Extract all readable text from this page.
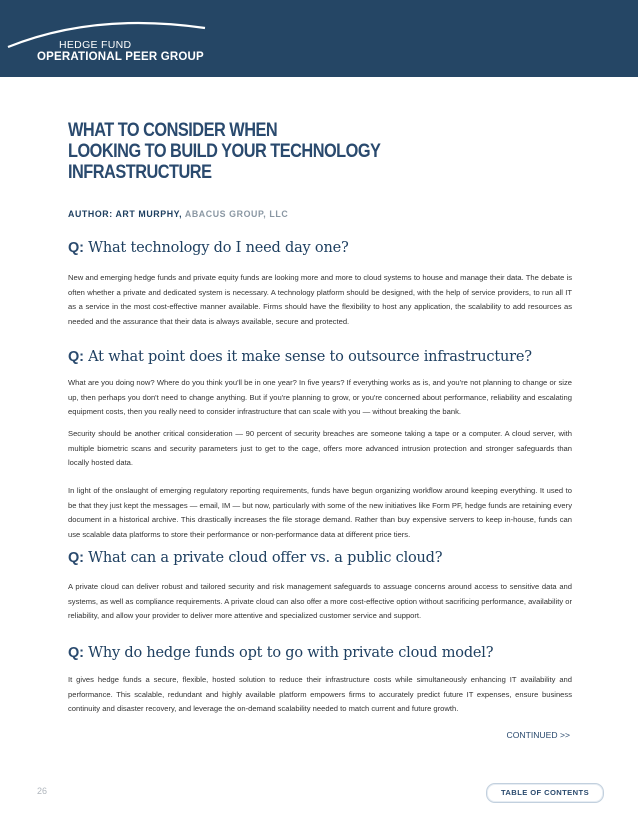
HEDGE FUND
OPERATIONAL PEER GROUP
WHAT TO CONSIDER WHEN
LOOKING TO BUILD YOUR TECHNOLOGY
INFRASTRUCTURE
AUTHOR: ART MURPHY, ABACUS GROUP, LLC
Q: What technology do I need day one?

New and emerging hedge funds and private equity funds are looking more and more to cloud systems to house and manage their data. The debate is often whether a private and dedicated system is necessary. A technology platform should be designed, with the help of service providers, to run all IT as a service in the most cost-effective manner available. Firms should have the flexibility to host any application, the scalability to add resources as needed and the assurance that their data is always available, secure and protected.

Q: At what point does it make sense to outsource infrastructure?

What are you doing now? Where do you think you'll be in one year? In five years? If everything works as is, and you're not planning to change or size up, then perhaps you don't need to change anything. But if you're planning to grow, or you're concerned about performance, reliability and escalating equipment costs, then you really need to consider infrastructure that can scale with you — without breaking the bank.

Security should be another critical consideration — 90 percent of security breaches are someone taking a tape or a computer. A cloud server, with multiple biometric scans and security parameters just to get to the cage, offers more advanced intrusion protection and stronger safeguards than locally hosted data.

In light of the onslaught of emerging regulatory reporting requirements, funds have begun organizing workflow around keeping everything. It used to be that they just kept the messages — email, IM — but now, particularly with some of the new initiatives like Form PF, hedge funds are retaining every document in a historical archive. This drastically increases the file storage demand. Rather than buy expensive servers to keep in-house, funds can use scalable data platforms to store their performance or non-performance data at different price tiers.

Q: What can a private cloud offer vs. a public cloud?

A private cloud can deliver robust and tailored security and risk management safeguards to assuage concerns around access to sensitive data and systems, as well as compliance requirements. A private cloud can also offer a more cost-effective option without sacrificing performance, availability or reliability, and allow your provider to deliver more attentive and specialized customer service and support.

Q: Why do hedge funds opt to go with private cloud model?

It gives hedge funds a secure, flexible, hosted solution to reduce their infrastructure costs while simultaneously enhancing IT availability and performance. This scalable, redundant and highly available platform empowers firms to accurately predict future IT expenses, ensure business continuity and disaster recovery, and leverage the on-demand scalability needed to match current and future growth.

CONTINUED >>
26	TABLE OF CONTENTS
